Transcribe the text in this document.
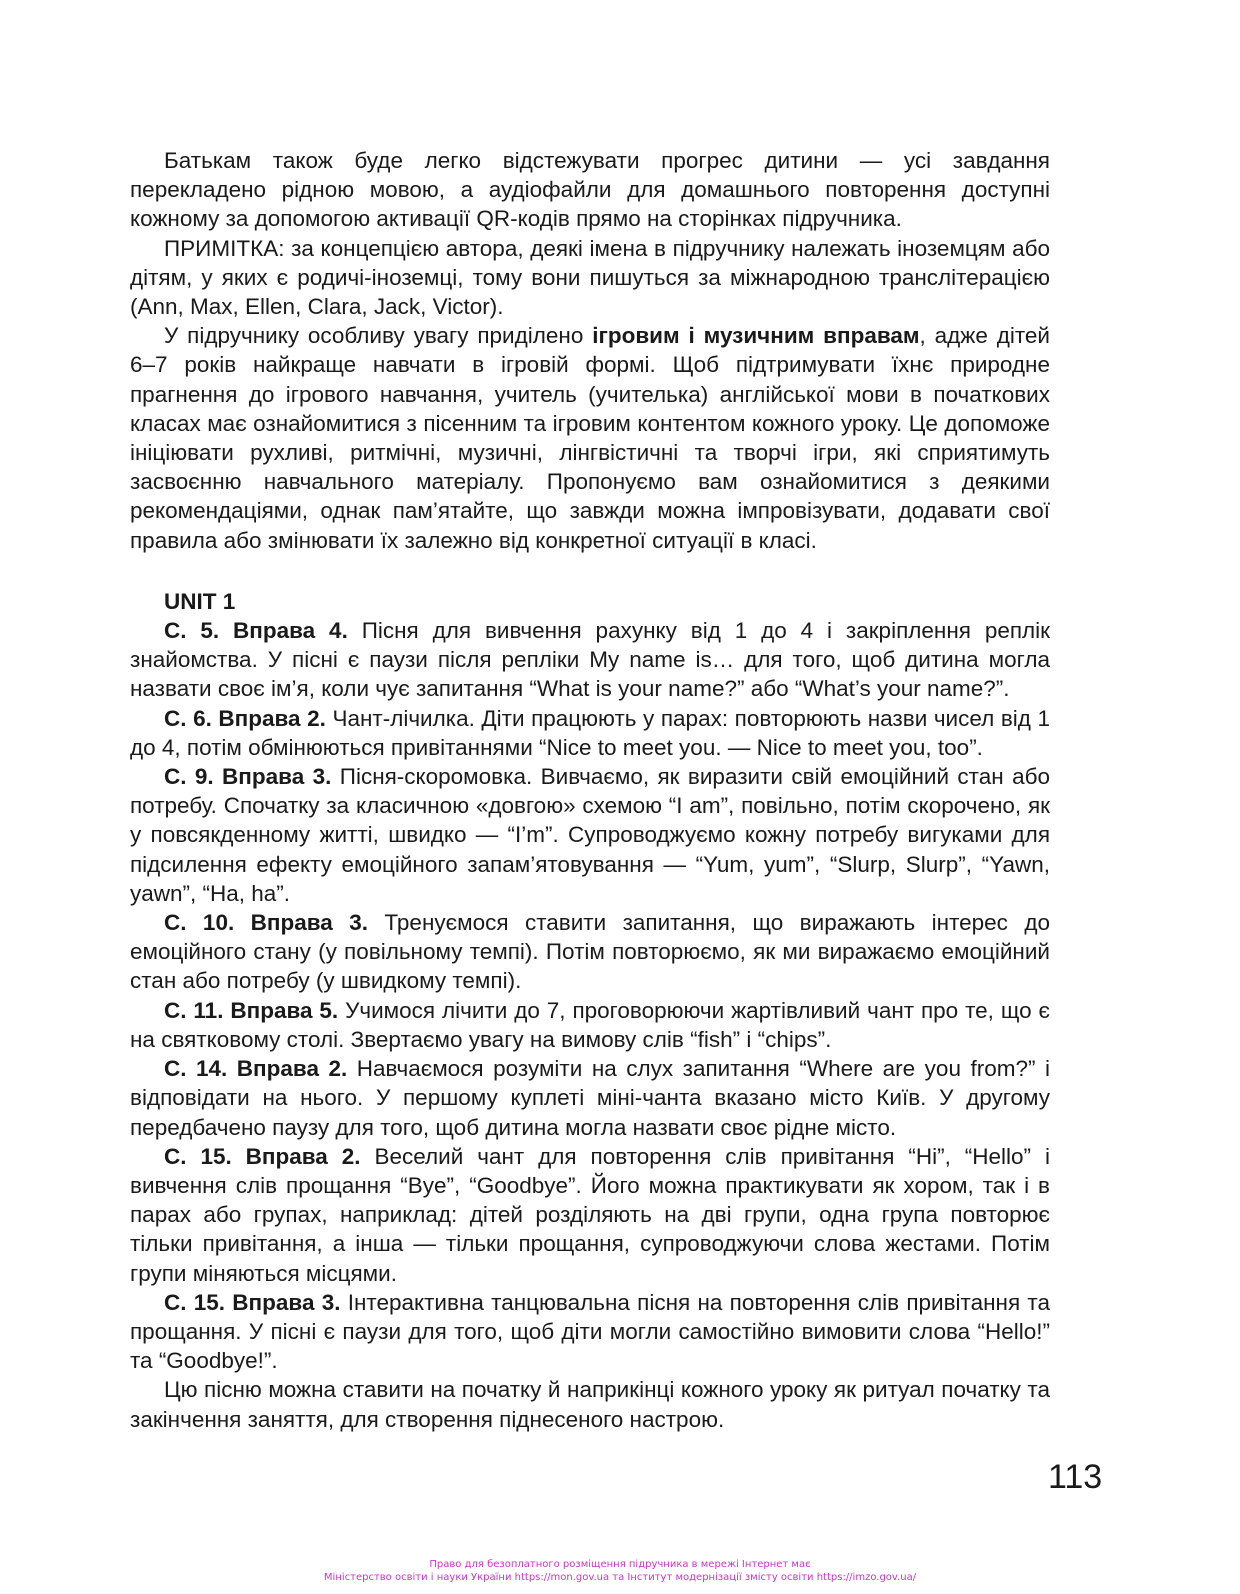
Батькам також буде легко відстежувати прогрес дитини — усі завдання перекладено рідною мовою, а аудіофайли для домашнього повторення доступні кожному за допомогою активації QR-кодів прямо на сторінках підручника.

ПРИМІТКА: за концепцією автора, деякі імена в підручнику належать іноземцям або дітям, у яких є родичі-іноземці, тому вони пишуться за міжнародною транслітерацією (Ann, Max, Ellen, Clara, Jack, Victor).

У підручнику особливу увагу приділено ігровим і музичним вправам, адже дітей 6–7 років найкраще навчати в ігровій формі. Щоб підтримувати їхнє природне прагнення до ігрового навчання, учитель (учителька) англійської мови в початкових класах має ознайомитися з пісенним та ігровим контентом кожного уроку. Це допоможе ініціювати рухливі, ритмічні, музичні, лінгвістичні та творчі ігри, які сприятимуть засвоєнню навчального матеріалу. Пропонуємо вам ознайомитися з деякими рекомендаціями, однак пам’ятайте, що завжди можна імпровізувати, додавати свої правила або змінювати їх залежно від конкретної ситуації в класі.

UNIT 1

С. 5. Вправа 4. Пісня для вивчення рахунку від 1 до 4 і закріплення реплік знайомства. У пісні є паузи після репліки My name is… для того, щоб дитина могла назвати своє ім’я, коли чує запитання “What is your name?” або “What’s your name?”.

С. 6. Вправа 2. Чант-лічилка. Діти працюють у парах: повторюють назви чисел від 1 до 4, потім обмінюються привітаннями “Nice to meet you. — Nice to meet you, too”.

С. 9. Вправа 3. Пісня-скоромовка. Вивчаємо, як виразити свій емоційний стан або потребу. Спочатку за класичною «довгою» схемою “I am”, повільно, потім скорочено, як у повсякденному житті, швидко — “I’m”. Супроводжуємо кожну потребу вигуками для підсилення ефекту емоційного запам’ятовування — “Yum, yum”, “Slurp, Slurp”, “Yawn, yawn”, “Ha, ha”.

С. 10. Вправа 3. Тренуємося ставити запитання, що виражають інтерес до емоційного стану (у повільному темпі). Потім повторюємо, як ми виражаємо емоційний стан або потребу (у швидкому темпі).

С. 11. Вправа 5. Учимося лічити до 7, проговорюючи жартівливий чант про те, що є на святковому столі. Звертаємо увагу на вимову слів “fish” і “chips”.

С. 14. Вправа 2. Навчаємося розуміти на слух запитання “Where are you from?” і відповідати на нього. У першому куплеті міні-чанта вказано місто Київ. У другому передбачено паузу для того, щоб дитина могла назвати своє рідне місто.

С. 15. Вправа 2. Веселий чант для повторення слів привітання “Hi”, “Hello” і вивчення слів прощання “Bye”, “Goodbye”. Його можна практикувати як хором, так і в парах або групах, наприклад: дітей розділяють на дві групи, одна група повторює тільки привітання, а інша — тільки прощання, супроводжуючи слова жестами. Потім групи міняються місцями.

С. 15. Вправа 3. Інтерактивна танцювальна пісня на повторення слів привітання та прощання. У пісні є паузи для того, щоб діти могли самостійно вимовити слова “Hello!” та “Goodbye!”.

Цю пісню можна ставити на початку й наприкінці кожного уроку як ритуал початку та закінчення заняття, для створення піднесеного настрою.

113
Право для безоплатного розміщення підручника в мережі Інтернет має
Міністерство освіти і науки України https://mon.gov.ua та Інститут модернізації змісту освіти https://imzo.gov.ua/
